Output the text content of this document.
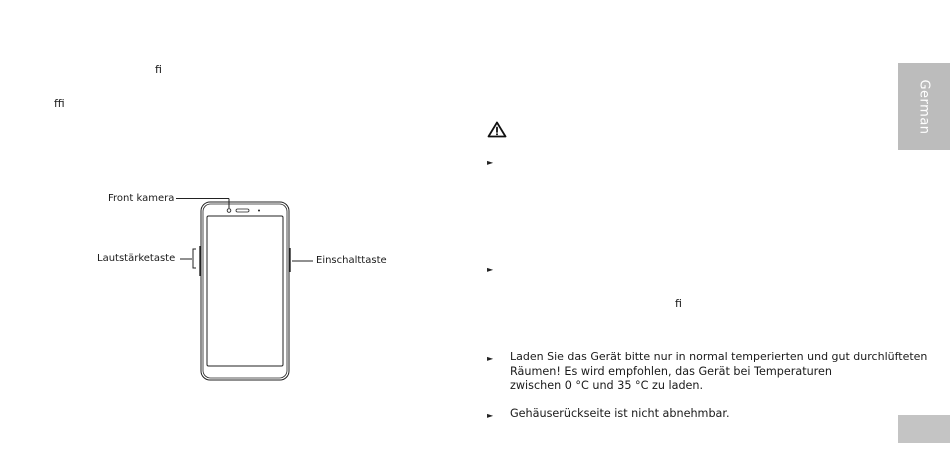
ﬁ
ﬃ
Front kamera
Lautstärketaste	Einschalttaste
►
►
ﬁ
► Laden Sie das Gerät bitte nur in normal temperierten und gut durchlüfteten
Räumen! Es wird empfohlen, das Gerät bei Temperaturen
zwischen 0 °C und 35 °C zu laden.
► Gehäuserückseite ist nicht abnehmbar.
German
